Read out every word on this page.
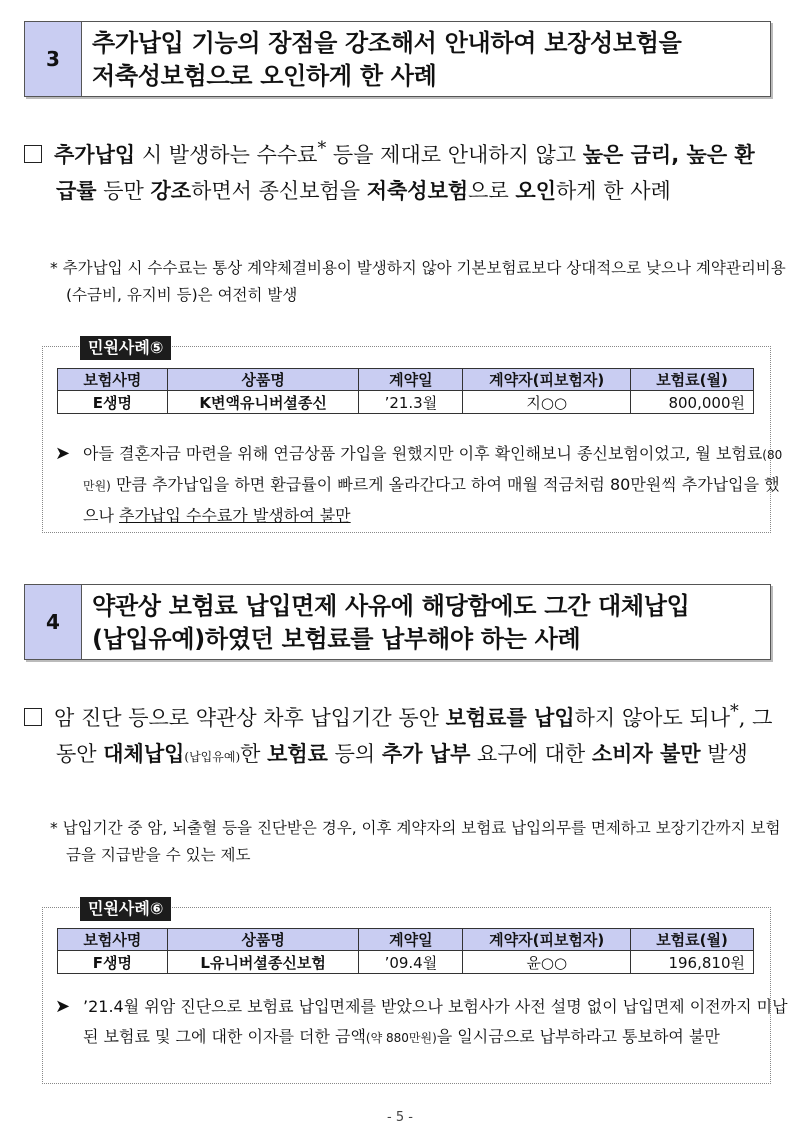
3
추가납입 기능의 장점을 강조해서 안내하여 보장성보험을
저축성보험으로 오인하게 한 사례
추가납입 시 발생하는 수수료* 등을 제대로 안내하지 않고 높은 금리, 높은 환급률 등만 강조하면서 종신보험을 저축성보험으로 오인하게 한 사례
* 추가납입 시 수수료는 통상 계약체결비용이 발생하지 않아 기본보험료보다 상대적으로 낮으나 계약관리비용(수금비, 유지비 등)은 여전히 발생
보험사명	상품명	계약일	계약자(피보험자)	보험료(월)
E생명	K변액유니버셜종신	’21.3월	지○○	800,000원
➤ 아들 결혼자금 마련을 위해 연금상품 가입을 원했지만 이후 확인해보니 종신보험이었고, 월 보험료(80만원) 만큼 추가납입을 하면 환급률이 빠르게 올라간다고 하여 매월 적금처럼 80만원씩 추가납입을 했으나 추가납입 수수료가 발생하여 불만
민원사례⑤
4
약관상 보험료 납입면제 사유에 해당함에도 그간 대체납입
(납입유예)하였던 보험료를 납부해야 하는 사례
암 진단 등으로 약관상 차후 납입기간 동안 보험료를 납입하지 않아도 되나*, 그동안 대체납입(납입유예)한 보험료 등의 추가 납부 요구에 대한 소비자 불만 발생
* 납입기간 중 암, 뇌출혈 등을 진단받은 경우, 이후 계약자의 보험료 납입의무를 면제하고 보장기간까지 보험금을 지급받을 수 있는 제도
보험사명	상품명	계약일	계약자(피보험자)	보험료(월)
F생명	L유니버셜종신보험	’09.4월	윤○○	196,810원
➤ ’21.4월 위암 진단으로 보험료 납입면제를 받았으나 보험사가 사전 설명 없이 납입면제 이전까지 미납된 보험료 및 그에 대한 이자를 더한 금액(약 880만원)을 일시금으로 납부하라고 통보하여 불만
민원사례⑥
- 5 -
